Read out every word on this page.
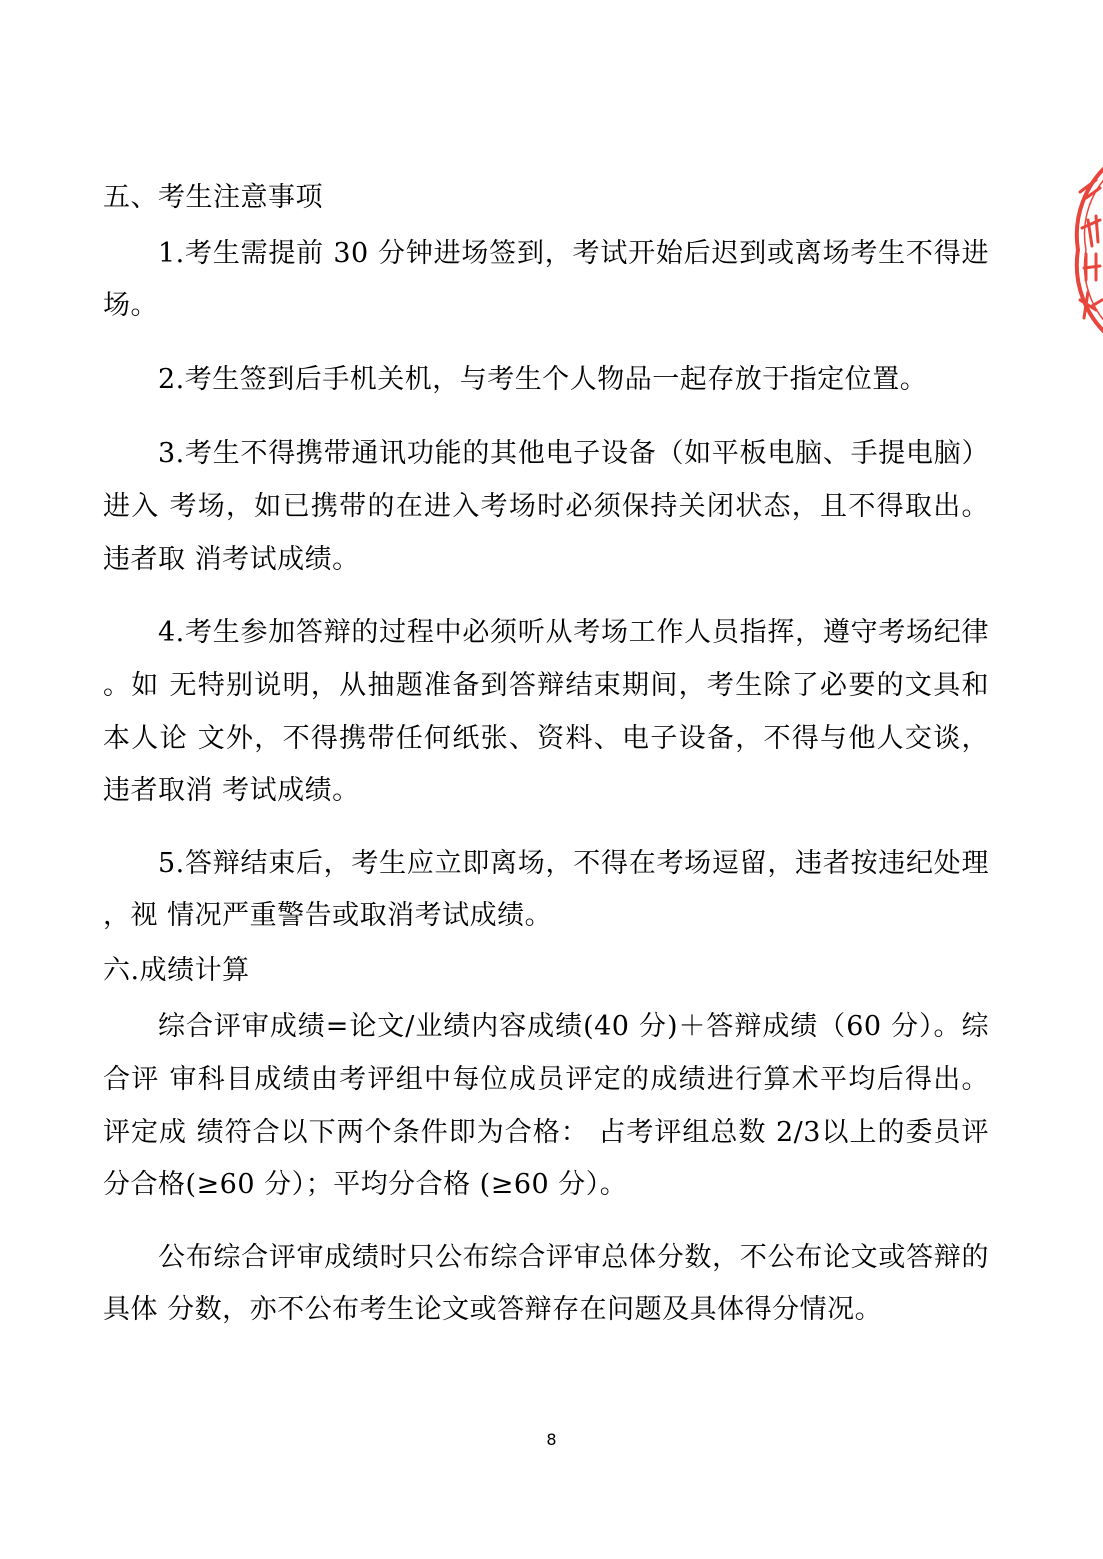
五、考生注意事项
1.考生需提前 30 分钟进场签到，考试开始后迟到或离场考生不得进
场。
2.考生签到后手机关机，与考生个人物品一起存放于指定位置。
3.考生不得携带通讯功能的其他电子设备（如平板电脑、手提电脑）
进入 考场，如已携带的在进入考场时必须保持关闭状态，且不得取出。
违者取 消考试成绩。
4.考生参加答辩的过程中必须听从考场工作人员指挥，遵守考场纪律
。如 无特别说明，从抽题准备到答辩结束期间，考生除了必要的文具和
本人论 文外，不得携带任何纸张、资料、电子设备，不得与他人交谈，
违者取消 考试成绩。
5.答辩结束后，考生应立即离场，不得在考场逗留，违者按违纪处理
，视 情况严重警告或取消考试成绩。
六.成绩计算
综合评审成绩=论文/业绩内容成绩(40 分)＋答辩成绩（60 分）。综
合评 审科目成绩由考评组中每位成员评定的成绩进行算术平均后得出。
评定成 绩符合以下两个条件即为合格： 占考评组总数 2/3以上的委员评
分合格(≥60 分）；平均分合格 (≥60 分）。
公布综合评审成绩时只公布综合评审总体分数，不公布论文或答辩的
具体 分数，亦不公布考生论文或答辩存在问题及具体得分情况。
8
